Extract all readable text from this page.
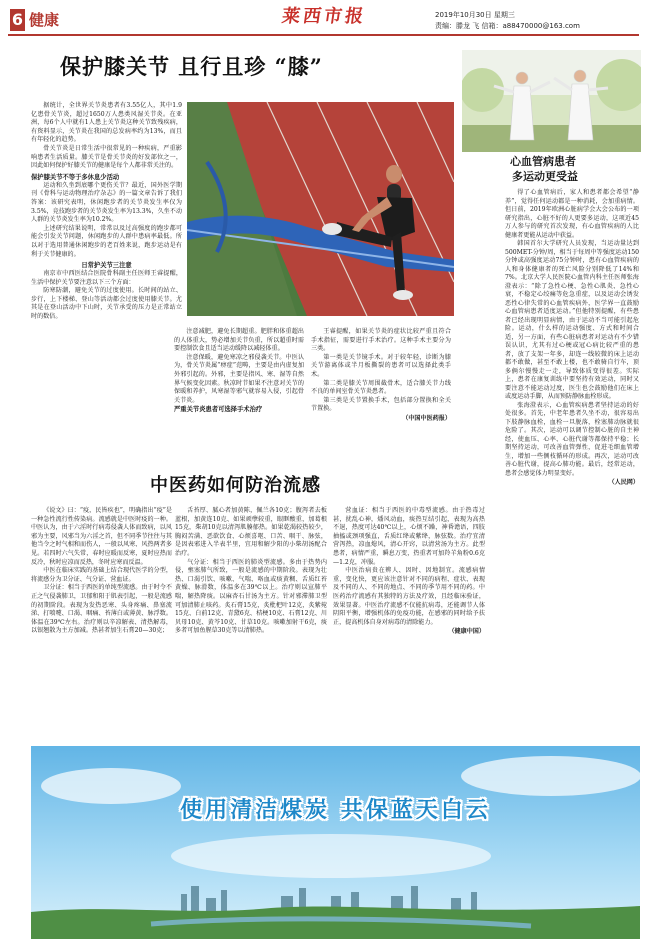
6 健康	莱西市报	2019年10月30日 星期三
责编：滕龙 飞 信箱：a88470000@163.com
保护膝关节 且行且珍 “膝”

据统计，全世界关节炎患者有3.55亿人，其中1.9亿患骨关节炎，超过1650万人患类风湿关节炎。在亚洲，每6个人中就有1人患上关节炎这种关节致残疾病，有资料显示，关节炎在我国的总发病率约为13%，而且有年轻化的趋势。

骨关节炎是日常生活中很常见的一种疾病，严重影响患者生活质量。膝关节是骨关节炎的好发部位之一，因此如何保护好膝关节的健康是每个人都非常关注的。

保护膝关节不等于多休息少活动

运动和久坐到底哪个更伤关节？最近，国外医学期刊《骨科与运动物理治疗杂志》的一篇文章告诉了我们答案：该研究表明，休闲跑步者的关节炎发生率仅为3.5%，竞技跑步者的关节炎发生率为13.3%，久坐不动人群的关节炎发生率为10.2%。

上述研究结果说明，常常以及过高强度的跑步都可能会引发关节问题，休闲跑步的人群中患病率最低。所以对于选用普通休闲跑步的老百姓来说，跑步运动是有利于关节健康的。

日常护关节三注意

南京市中西医结合医院骨科副主任医师王睿提醒，生活中保护关节要注意以下三个方面：

防寒防潮，避免关节的过度使用。长时间的站立、步行，上下楼梯、登山等活动都会过度使用膝关节。尤其是在登山活动中下山时，关节承受的压力是正常站立时的数倍。

注意减肥，避免长期超重。肥胖和体重超出的人体重大，势必增加关节负重，所以超重时需要控制饮食且适当运动缓降以减轻体重。

注意保暖，避免寒凉之邪侵袭关节。中医认为，骨关节炎属“痹症”范畴，主要是由内虚复加外邪引起的。外邪，主要是指风、寒、湿等自然界气候变化因素。秋凉时节如果不注意对关节的保暖和养护，风寒湿等邪气就容易入侵，引起骨关节炎。

严重关节炎患者可选择手术治疗

王睿提醒，如果关节炎的症状比较严重且符合手术指征，需要进行手术治疗。这种手术主要分为三类。

第一类是关节镜手术。对于较年轻，诊断为膝关节游离体或半月板撕裂的患者可以选择此类手术。

第二类是膝关节周围截骨术，适合膝关节力线不良的单间室骨关节炎患者。

第三类是关节置换手术，包括部分置换和全关节置换。

（中国中医药报）
心血管病患者
多运动更受益

得了心血管病后，家人和患者都会希望“静养”，觉得任何运动都是一种消耗，会加重病情。但日前，2019年欧洲心脏病学会大会公布的一项研究指出，心脏不好的人更要多运动，这项近45万人参与的研究首次发现，有心血管疾病的人比健康者更能从运动中获益。

韩国首尔大学研究人员发现，当运动量达到500MET-分钟/周，相当于每周中等强度运动150分钟或高强度运动75分钟时，患有心血管疾病的人和身体健康者的死亡风险分别降低了14%和7%。北京大学人民医院心血管内科主任医师张海澄表示：“除了急性心梗、急性心肌炎、急性心衰，不稳定心绞痛等危急重症，以及运动会诱发恶性心律失常的心血管疾病外，医学界一直鼓励心血管病患者适度运动。”但他特别提醒，有些患者已经出现明显病情，由于运动不当可能引起危险。运动，什么样的运动强度、方式和时间合适，另一方面，有些心脏病患者对运动有不少错误认识，尤其有过心梗或冠心病比较严重的患者，放了支架一年多，却连一线较微的床上运动都不敢做，甚至不敢上楼，也不敢骑自行车，顶多俩尔慢慢走一走，导致体质变得很差。实际上，患者在康复训练中要坚持有效运动，同时又要注意不能运动过度，医生也会鼓励他们在床上或度运动手脚，从而预防静脉血栓形成。

张海澄表示，心血管疾病患者坚持运动的好处很多。首先，中老年患者久坐不动，很容易出下肢静脉血栓，血栓一旦脱落，栓塞肺动脉就很危险了。其次，运动可以调节控制心脏的自主神经，使血压、心率、心脏代谢等都保持平稳；长期坚持运动，可改善血管弹性，促进毛细血管增生，增加一些侧枝循环的形成。再次，运动可改善心脏代谢，提高心肺功能。最后，经常运动，患者会感觉体力明显变好。

（人民网）
中医药如何防治流感

《说文》曰：“疫，民皆疾也”，明确指出“疫”是一种急性流行性传染病。流感就是中医时疫的一种。中医认为，由于六淫时行病毒侵袭人体而致病，以风邪为主要，风邪当为六淫之首，但不同季节往往与其他当令之时气相和而伤人，一般以风寒、风热两者多见。若四时六气失常，春时应暖而反寒，夏时应热而反冷，秋时应凉而反热，冬时应寒而反温。

中医在临床实践的基础上结合现代医学的分型，将流感分为卫分证、气分证、营血证。

卫分证：相当于西医的单纯型流感。由于时令不正之气侵袭肺卫，卫郁和阳于肌表引起，一般是流感的初期阶段。表现为发热恶寒、头身疼痛、鼻塞流涕、打喷嚏、口渴、咽痛、苔薄白或薄黄、脉浮数。体温在39℃左右。治疗则以辛凉解表、清热解毒，以银翘散为主方加减。热甚者加生石膏20—30克；

舌苔厚、腻心者加黄陈，佩兰各10克；腹泻者去板蓝根，加黄连10克、如果顽孽较重，眼眶酸重，加葛根15克，柴胡10克以清泻肌腠郁热。如果乾渴较热较少，胸闷苦满、恶欲饮食、心烦喜呕、口苦、咽干、脉弦，是因表邪进入半表半里，宜用和解少阳的小柴胡汤配合治疗。

气分证：相当于西医的肺炎型流感。多由于热势内侵，壅塞肺气所致，一般是流感的中期阶段。表现为壮热、口渴引饮、咳嗽、气喘、咯血或痰黄稠、舌质红苔黄燥、脉滑数，体温多在39℃以上。治疗则以宣肺平喘，解热降痰。以麻杏石甘汤为主方。针对邪滞肺卫型可加清肺止咳药。炙石膏15克，炙枇杷叶12克，炙紫菀15克、白前12克、青黛6克、桔梗10克、石膏12克、川贝母10克、黄芩10克、甘草10克。咳嗽加射干6克，痰多者可加鱼腥草30克等以清肺热。

营血证：相当于西医的中毒型流感。由于热毒过甚，扰乱心神，燔风动血，痰热互结引起，表现为高热不退，热度可达40℃以上，心烦不躁，神昏谵语，四肢抽搐或颈项强直，舌质红绛或紫绛，脉弦数。治疗宜清营泻热，凉血熄风，清心开窍，以清营汤为主方。此型患者，病情严重，瞬息万变，热重者可加羚羊角粉0.6克—1.2克，冲服。

中医治病贵在辨人、因时、因地制宜。流感病情重，变化快，更应该注意针对不同的病程、症状、表现及不同的人、不同的地点、不同的季节用不同的药。中医药治疗流感有其独特的方法及疗效，且经临床验证，效果显著。中医治疗流感不仅能抗病毒，还能调节人体阴阳平衡，增强机体的免疫功能，在感邪的同时给予扶正，提高机体自身对病毒的清除能力。

（健康中国）
使用清洁煤炭 共保蓝天白云
